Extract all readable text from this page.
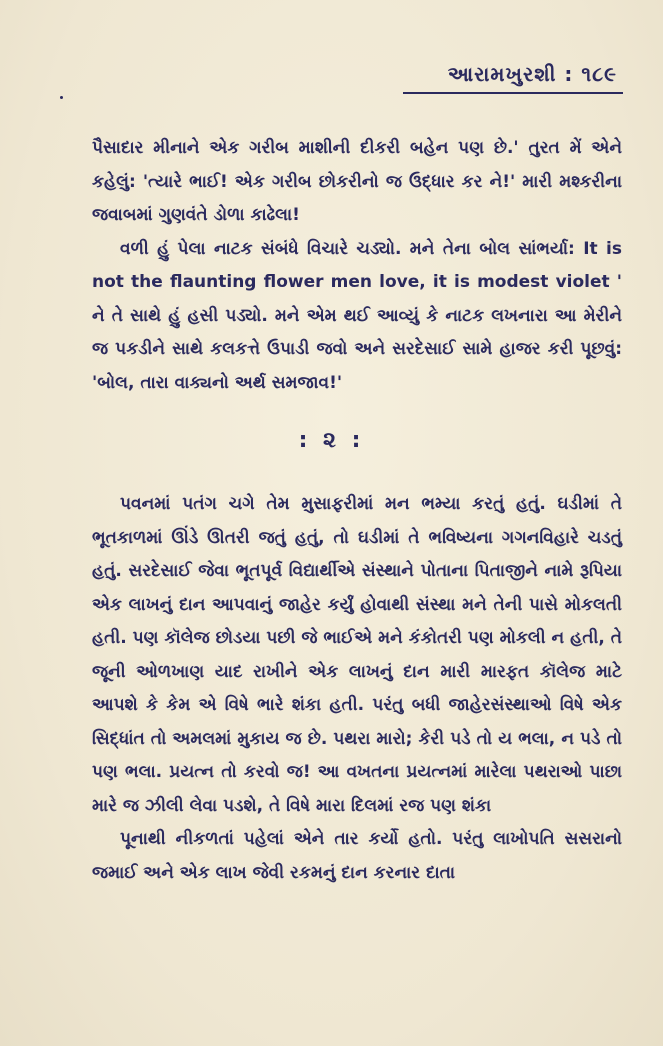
આરામખુરશી : ૧૮૯

પૈસાદાર મીનાને એક ગરીબ માશીની દીકરી બહેન પણ છે.' તુરત મેં એને કહેલું: 'ત્યારે ભાઈ! એક ગરીબ છોકરીનો જ ઉદ્ધાર કર ને!' મારી મશ્કરીના જવાબમાં ગુણવંતે ડોળા કાઢેલા!

વળી હું પેલા નાટક સંબંધે વિચારે ચડ્યો. મને તેના બોલ સાંભર્યા: It is not the flaunting flower men love, it is modest violet ' ને તે સાથે હું હસી પડ્યો. મને એમ થઈ આવ્યું કે નાટક લખનારા આ મેરીને જ પકડીને સાથે કલકત્તે ઉપાડી જવો અને સરદેસાઈ સામે હાજર કરી પૂછવું: 'બોલ, તારા વાક્યનો અર્થ સમજાવ!'

: ૨ :

પવનમાં પતંગ ચગે તેમ મુસાફરીમાં મન ભમ્યા કરતું હતું. ઘડીમાં તે ભૂતકાળમાં ઊંડે ઊતરી જતું હતું, તો ઘડીમાં તે ભવિષ્યના ગગનવિહારે ચડતું હતું. સરદેસાઈ જેવા ભૂતપૂર્વ વિદ્યાર્થીએ સંસ્થાને પોતાના પિતાજીને નામે રૂપિયા એક લાખનું દાન આપવાનું જાહેર કર્યું હોવાથી સંસ્થા મને તેની પાસે મોકલતી હતી. પણ કૉલેજ છોડયા પછી જે ભાઈએ મને કંકોતરી પણ મોકલી ન હતી, તે જૂની ઓળખાણ યાદ રાખીને એક લાખનું દાન મારી મારફત કૉલેજ માટે આપશે કે કેમ એ વિષે ભારે શંકા હતી. પરંતુ બધી જાહેરસંસ્થાઓ વિષે એક સિદ્ધાંત તો અમલમાં મુકાય જ છે. પથરા મારો; કેરી પડે તો ય ભલા, ન પડે તો પણ ભલા. પ્રયત્ન તો કરવો જ! આ વખતના પ્રયત્નમાં મારેલા પથરાઓ પાછા મારે જ ઝીલી લેવા પડશે, તે વિષે મારા દિલમાં રજ પણ શંકા

પૂનાથી નીકળતાં પહેલાં એને તાર કર્યો હતો. પરંતુ લાખોપતિ સસરાનો જમાઈ અને એક લાખ જેવી રકમનું દાન કરનાર દાતા
